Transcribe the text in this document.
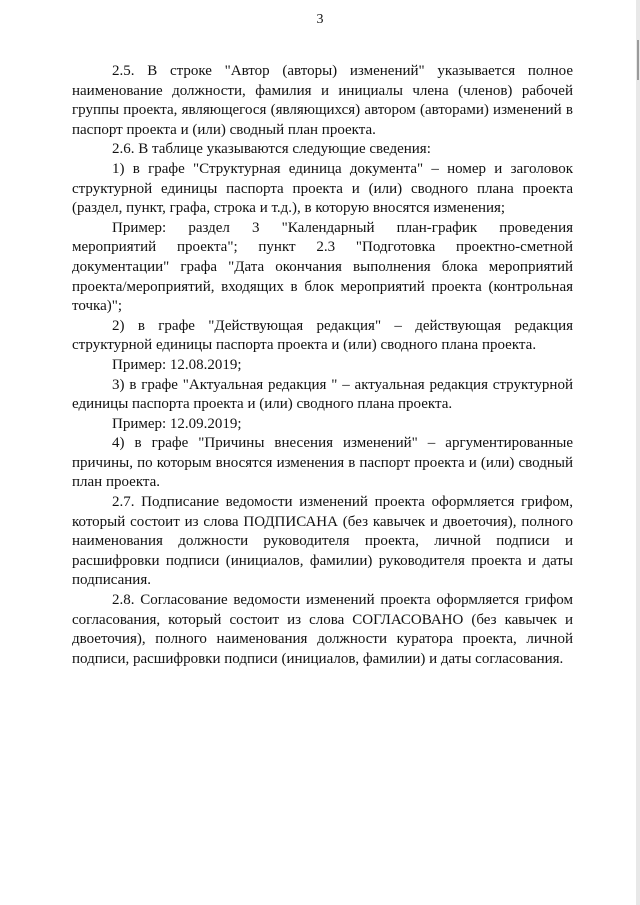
3

2.5. В строке "Автор (авторы) изменений" указывается полное наименование должности, фамилия и инициалы члена (членов) рабочей группы проекта, являющегося (являющихся) автором (авторами) изменений в паспорт проекта и (или) сводный план проекта.

2.6. В таблице указываются следующие сведения:

1) в графе "Структурная единица документа" – номер и заголовок структурной единицы паспорта проекта и (или) сводного плана проекта (раздел, пункт, графа, строка и т.д.), в которую вносятся изменения;

Пример: раздел 3 "Календарный план-график проведения

мероприятий проекта"; пункт 2.3 "Подготовка проектно-сметной документации" графа "Дата окончания выполнения блока мероприятий проекта/мероприятий, входящих в блок мероприятий проекта (контрольная точка)";

2) в графе "Действующая редакция" – действующая редакция структурной единицы паспорта проекта и (или) сводного плана проекта.

Пример: 12.08.2019;

3) в графе "Актуальная редакция " – актуальная редакция структурной единицы паспорта проекта и (или) сводного плана проекта.

Пример: 12.09.2019;

4) в графе "Причины внесения изменений" – аргументированные причины, по которым вносятся изменения в паспорт проекта и (или) сводный план проекта.

2.7. Подписание ведомости изменений проекта оформляется грифом, который состоит из слова ПОДПИСАНА (без кавычек и двоеточия), полного наименования должности руководителя проекта, личной подписи и расшифровки подписи (инициалов, фамилии) руководителя проекта и даты подписания.

2.8. Согласование ведомости изменений проекта оформляется грифом согласования, который состоит из слова СОГЛАСОВАНО (без кавычек и двоеточия), полного наименования должности куратора проекта, личной подписи, расшифровки подписи (инициалов, фамилии) и даты согласования.
